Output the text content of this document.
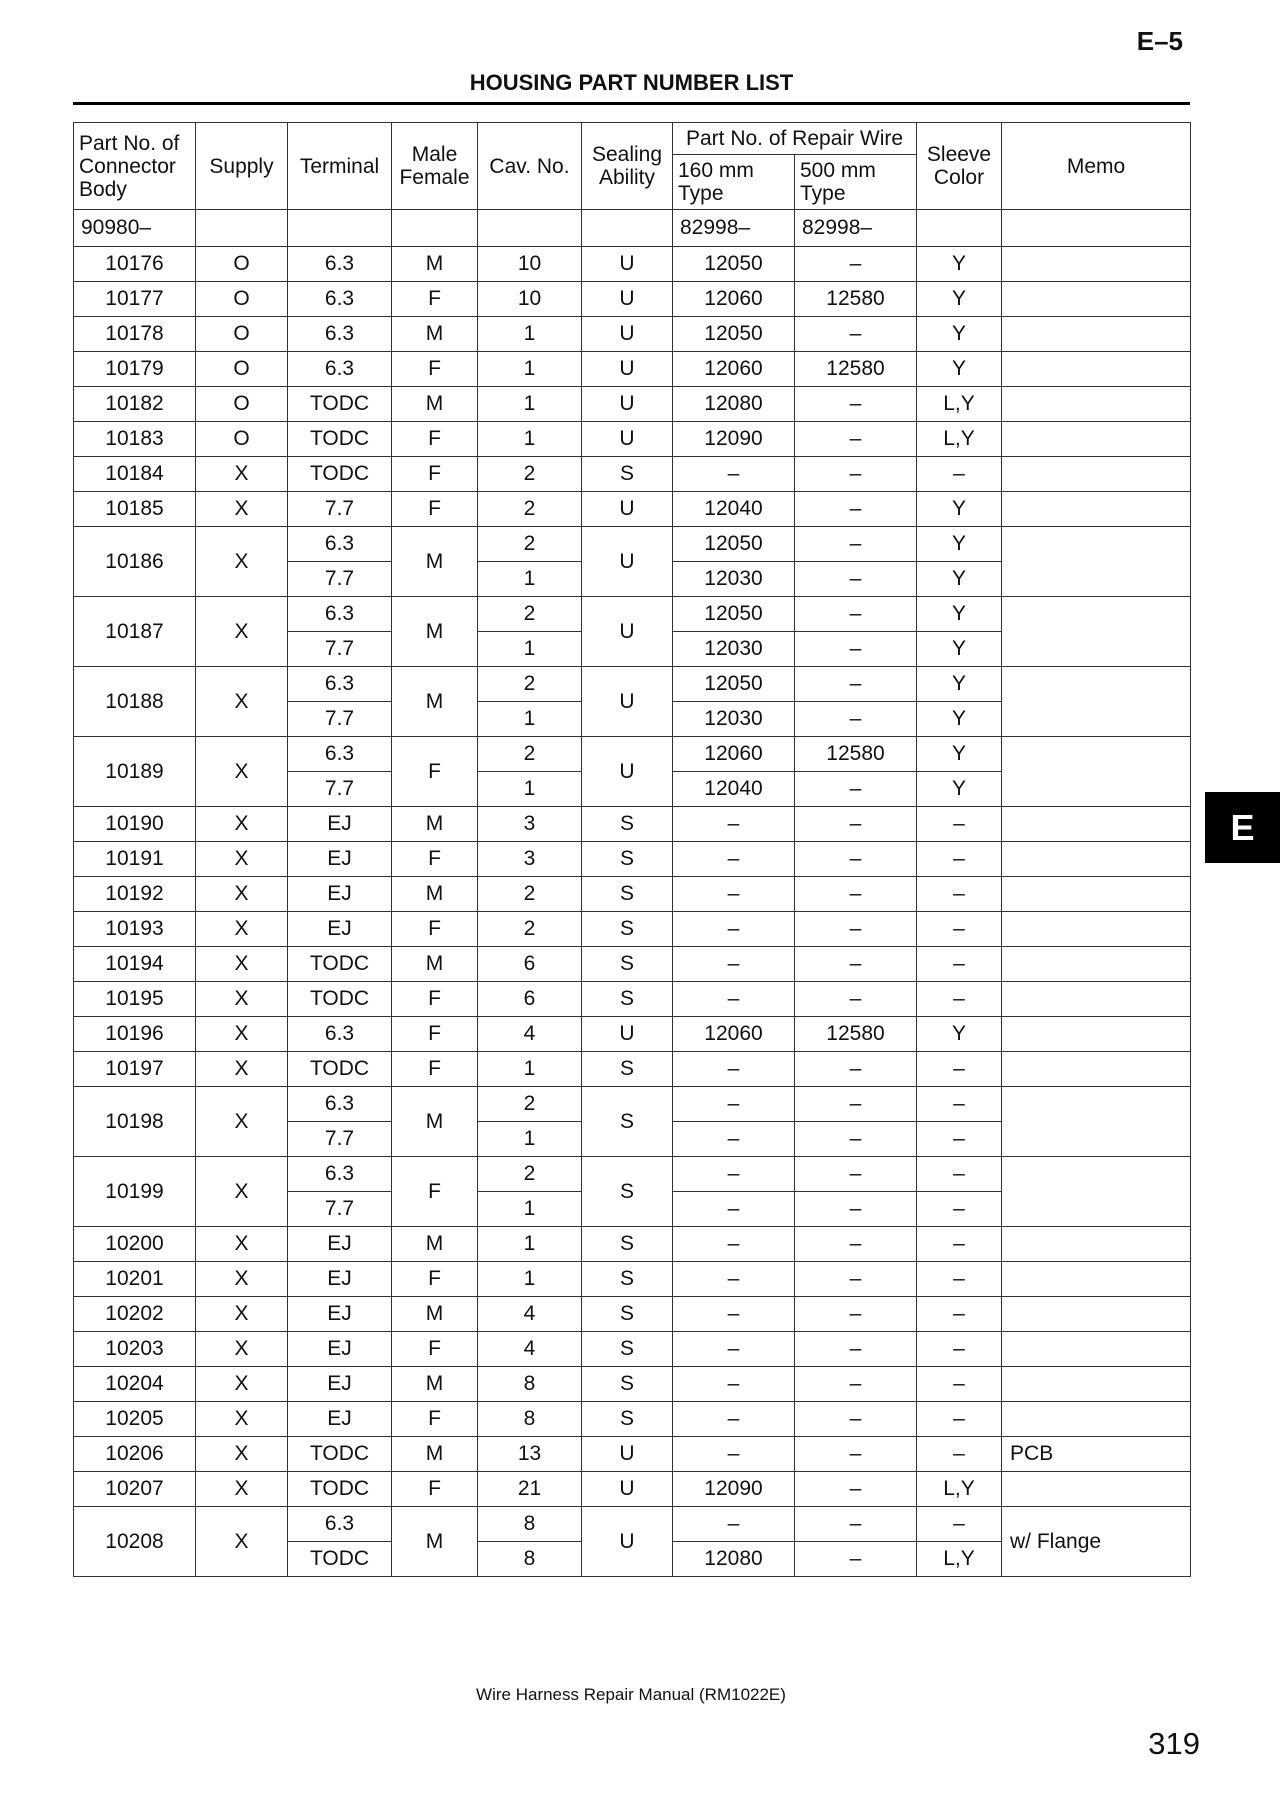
E–5
HOUSING PART NUMBER LIST
Part No. of Connector Body	Supply	Terminal	Male Female	Cav. No.	Sealing Ability	Part No. of Repair Wire		Sleeve Color	Memo
						160 mm Type	500 mm Type		
90980–						82998–	82998–		
10176	O	6.3	M	10	U	12050	–	Y	
10177	O	6.3	F	10	U	12060	12580	Y	
10178	O	6.3	M	1	U	12050	–	Y	
10179	O	6.3	F	1	U	12060	12580	Y	
10182	O	TODC	M	1	U	12080	–	L,Y	
10183	O	TODC	F	1	U	12090	–	L,Y	
10184	X	TODC	F	2	S	–	–	–	
10185	X	7.7	F	2	U	12040	–	Y	
10186	X	6.3	M	2	U	12050	–	Y	
		7.7		1		12030	–	Y	
10187	X	6.3	M	2	U	12050	–	Y	
		7.7		1		12030	–	Y	
10188	X	6.3	M	2	U	12050	–	Y	
		7.7		1		12030	–	Y	
10189	X	6.3	F	2	U	12060	12580	Y	
		7.7		1		12040	–	Y	
10190	X	EJ	M	3	S	–	–	–	
10191	X	EJ	F	3	S	–	–	–	
10192	X	EJ	M	2	S	–	–	–	
10193	X	EJ	F	2	S	–	–	–	
10194	X	TODC	M	6	S	–	–	–	
10195	X	TODC	F	6	S	–	–	–	
10196	X	6.3	F	4	U	12060	12580	Y	
10197	X	TODC	F	1	S	–	–	–	
10198	X	6.3	M	2	S	–	–	–	
		7.7		1		–	–	–	
10199	X	6.3	F	2	S	–	–	–	
		7.7		1		–	–	–	
10200	X	EJ	M	1	S	–	–	–	
10201	X	EJ	F	1	S	–	–	–	
10202	X	EJ	M	4	S	–	–	–	
10203	X	EJ	F	4	S	–	–	–	
10204	X	EJ	M	8	S	–	–	–	
10205	X	EJ	F	8	S	–	–	–	
10206	X	TODC	M	13	U	–	–	–	PCB
10207	X	TODC	F	21	U	12090	–	L,Y	
10208	X	6.3	M	8	U	–	–	–	w/ Flange
		TODC		8		12080	–	L,Y	
E
Wire Harness Repair Manual (RM1022E)
319
